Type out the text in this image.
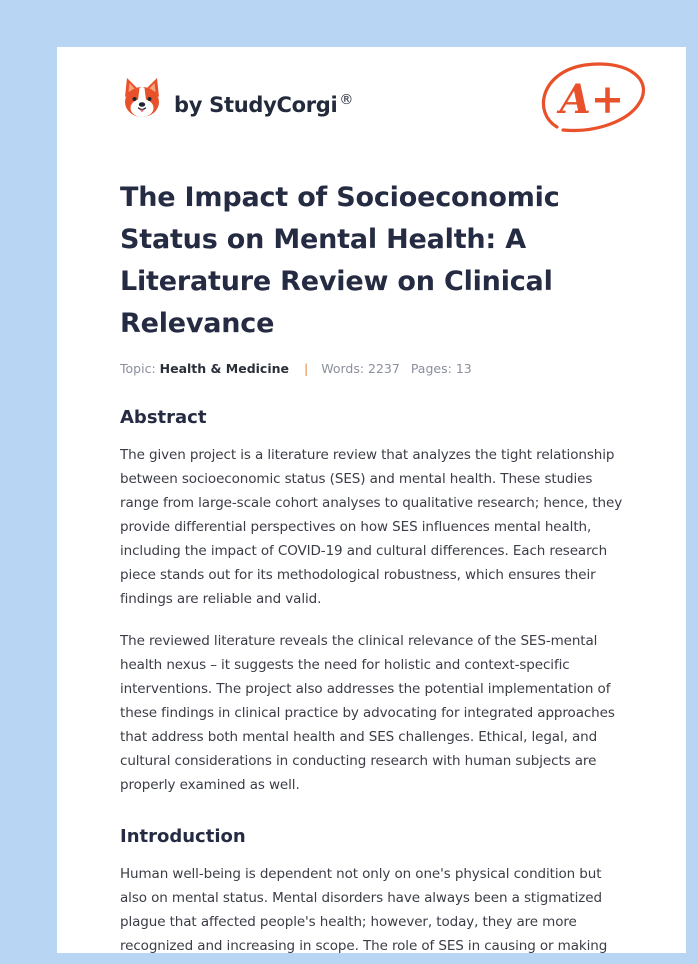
by StudyCorgi ®	A+
The Impact of Socioeconomic Status on Mental Health: A Literature Review on Clinical Relevance
Topic: Health & Medicine | Words: 2237 Pages: 13
Abstract

The given project is a literature review that analyzes the tight relationship between socioeconomic status (SES) and mental health. These studies range from large-scale cohort analyses to qualitative research; hence, they provide differential perspectives on how SES influences mental health, including the impact of COVID-19 and cultural differences. Each research piece stands out for its methodological robustness, which ensures their findings are reliable and valid.

The reviewed literature reveals the clinical relevance of the SES-mental health nexus – it suggests the need for holistic and context-specific interventions. The project also addresses the potential implementation of these findings in clinical practice by advocating for integrated approaches that address both mental health and SES challenges. Ethical, legal, and cultural considerations in conducting research with human subjects are properly examined as well.

Introduction

Human well-being is dependent not only on one's physical condition but also on mental status. Mental disorders have always been a stigmatized plague that affected people's health; however, today, they are more recognized and increasing in scope. The role of SES in causing or making
